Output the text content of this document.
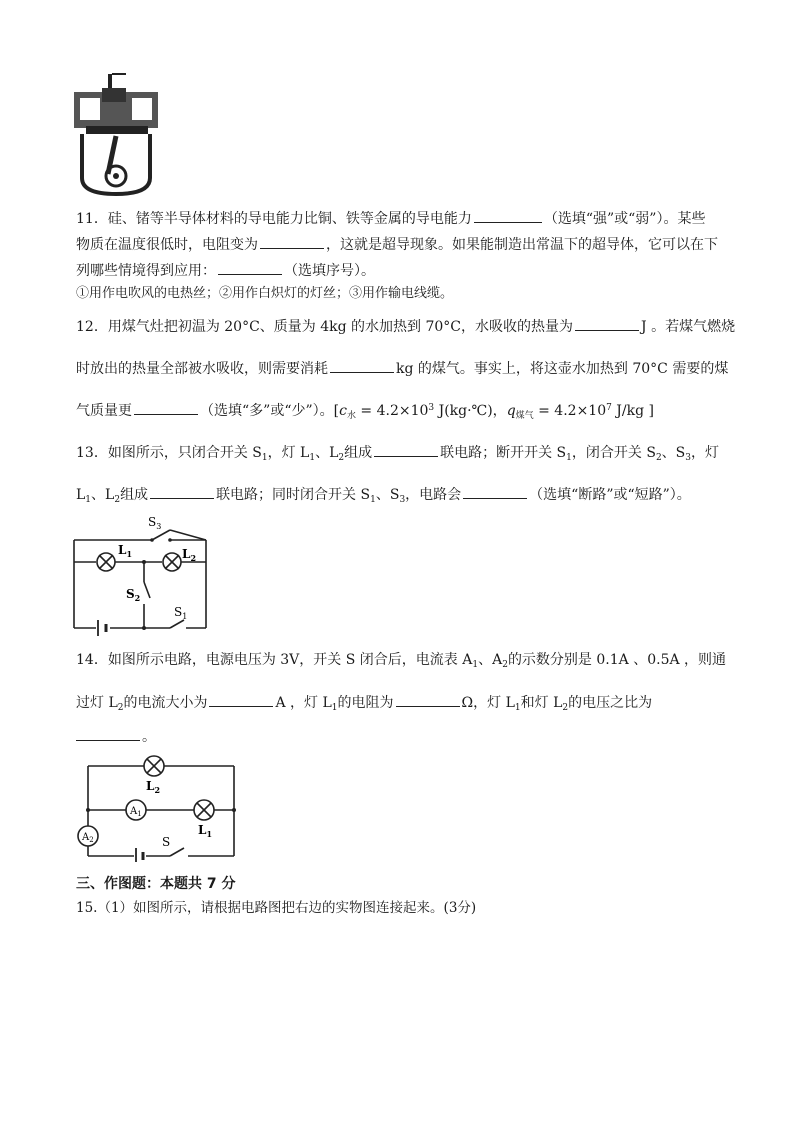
11．硅、锗等半导体材料的导电能力比铜、铁等金属的导电能力	（选填“强”或“弱”）。某些
物质在温度很低时，电阻变为	，这就是超导现象。如果能制造出常温下的超导体，它可以在下
列哪些情境得到应用：	（选填序号）。
①用作电吹风的电热丝；②用作白炽灯的灯丝；③用作输电线缆。
12．用煤气灶把初温为 20°C、质量为 4kg 的水加热到 70°C，水吸收的热量为	J 。若煤气燃烧
时放出的热量全部被水吸收，则需要消耗	kg 的煤气。事实上，将这壶水加热到 70°C 需要的煤
气质量更	（选填“多”或“少”）。[$c_水 = 4.2\times 10^3$ J(kg·℃)，$q_{煤气} = 4.2\times 10^7$ J/kg ]
13．如图所示，只闭合开关 $S_1$，灯 $L_1$、$L_2$组成	联电路；断开开关 $S_1$，闭合开关 $S_2$、$S_3$，灯
$L_1$、$L_2$组成	联电路；同时闭合开关 $S_1$、$S_3$，电路会	（选填“断路”或“短路”）。
$S_3$
$L_1$	$L_2$
$S_2$
$S_1$
14．如图所示电路，电源电压为 3V，开关 S 闭合后，电流表 $A_1$、$A_2$的示数分别是 0.1A 、0.5A ，则通
过灯 $L_2$的电流大小为	A ，灯 $L_1$的电阻为	Ω，灯 $L_1$和灯 $L_2$的电压之比为
。
$L_2$
$A_1$
$L_1$
$A_2$	S
三、作图题：本题共 7 分
15.（1）如图所示，请根据电路图把右边的实物图连接起来。(3分)
